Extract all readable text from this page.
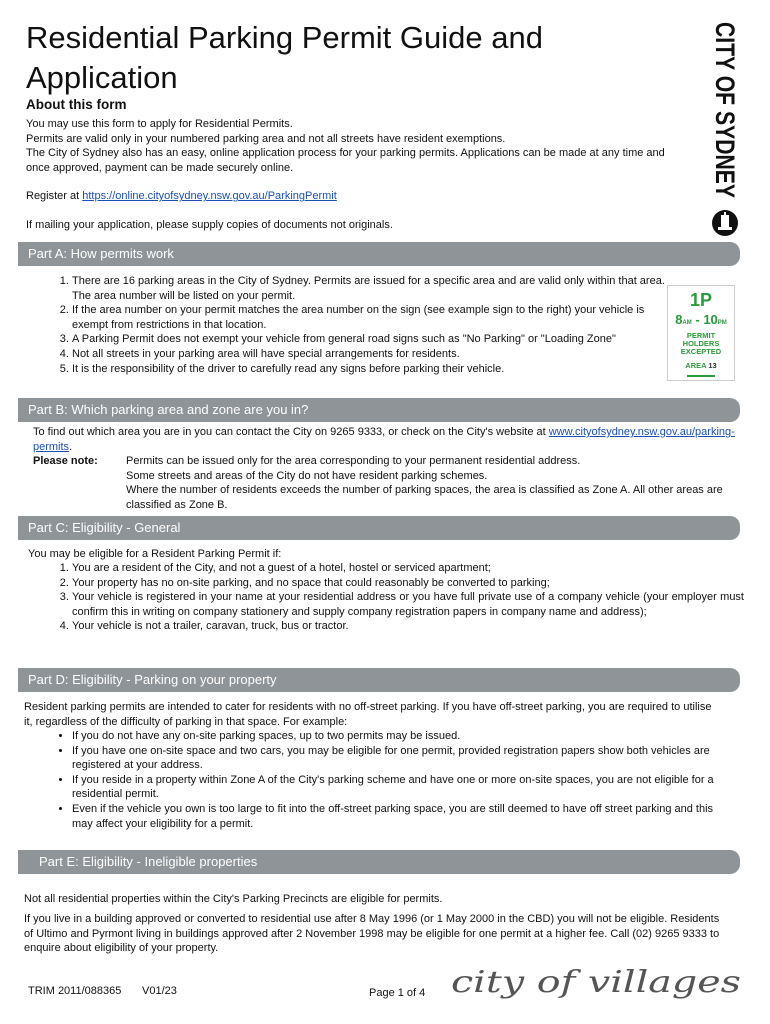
Residential Parking Permit Guide and Application	CITY OF SYDNEY
About this form
You may use this form to apply for Residential Permits.
Permits are valid only in your numbered parking area and not all streets have resident exemptions.
The City of Sydney also has an easy, online application process for your parking permits. Applications can be made at any time and once approved, payment can be made securely online.
Register at https://online.cityofsydney.nsw.gov.au/ParkingPermit
If mailing your application, please supply copies of documents not originals.
Part A: How permits work
1. There are 16 parking areas in the City of Sydney. Permits are issued for a specific area and are valid only within that area. The area number will be listed on your permit.
2. If the area number on your permit matches the area number on the sign (see example sign to the right) your vehicle is exempt from restrictions in that location.
3. A Parking Permit does not exempt your vehicle from general road signs such as "No Parking" or "Loading Zone"
4. Not all streets in your parking area will have special arrangements for residents.
5. It is the responsibility of the driver to carefully read any signs before parking their vehicle.
1P
8AM - 10PM
PERMIT
HOLDERS
EXCEPTED
AREA 13
Part B: Which parking area and zone are you in?
To find out which area you are in you can contact the City on 9265 9333, or check on the City's website at www.cityofsydney.nsw.gov.au/parking-permits.
Please note:	Permits can be issued only for the area corresponding to your permanent residential address.
Some streets and areas of the City do not have resident parking schemes.
Where the number of residents exceeds the number of parking spaces, the area is classified as Zone A. All other areas are classified as Zone B.
Part C: Eligibility - General
You may be eligible for a Resident Parking Permit if:
1. You are a resident of the City, and not a guest of a hotel, hostel or serviced apartment;
2. Your property has no on-site parking, and no space that could reasonably be converted to parking;
3. Your vehicle is registered in your name at your residential address or you have full private use of a company vehicle (your employer must confirm this in writing on company stationery and supply company registration papers in company name and address);
4. Your vehicle is not a trailer, caravan, truck, bus or tractor.
Part D: Eligibility - Parking on your property
Resident parking permits are intended to cater for residents with no off-street parking. If you have off-street parking, you are required to utilise it, regardless of the difficulty of parking in that space. For example:
• If you do not have any on-site parking spaces, up to two permits may be issued.
• If you have one on-site space and two cars, you may be eligible for one permit, provided registration papers show both vehicles are registered at your address.
• If you reside in a property within Zone A of the City's parking scheme and have one or more on-site spaces, you are not eligible for a residential permit.
• Even if the vehicle you own is too large to fit into the off-street parking space, you are still deemed to have off street parking and this may affect your eligibility for a permit.
Part E: Eligibility - Ineligible properties
Not all residential properties within the City's Parking Precincts are eligible for permits.
If you live in a building approved or converted to residential use after 8 May 1996 (or 1 May 2000 in the CBD) you will not be eligible. Residents of Ultimo and Pyrmont living in buildings approved after 2 November 1998 may be eligible for one permit at a higher fee. Call (02) 9265 9333 to enquire about eligibility of your property.
TRIM 2011/088365 V01/23	Page 1 of 4 city of villages
